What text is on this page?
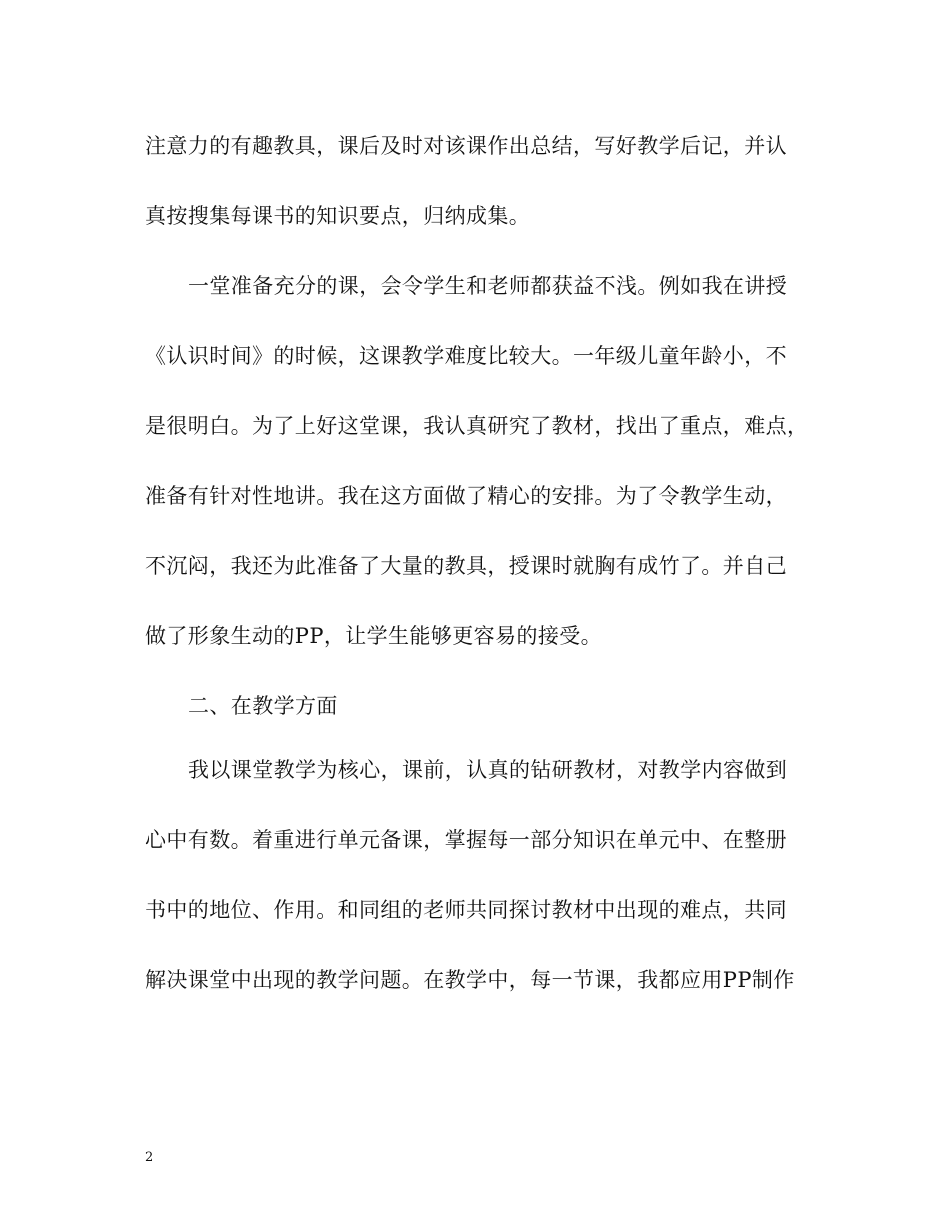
注意力的有趣教具，课后及时对该课作出总结，写好教学后记，并认
真按搜集每课书的知识要点，归纳成集。
一堂准备充分的课，会令学生和老师都获益不浅。例如我在讲授
《认识时间》的时候，这课教学难度比较大。一年级儿童年龄小，不
是很明白。为了上好这堂课，我认真研究了教材，找出了重点，难点，
准备有针对性地讲。我在这方面做了精心的安排。为了令教学生动，
不沉闷，我还为此准备了大量的教具，授课时就胸有成竹了。并自己
做了形象生动的PP，让学生能够更容易的接受。
二、在教学方面
我以课堂教学为核心，课前，认真的钻研教材，对教学内容做到
心中有数。着重进行单元备课，掌握每一部分知识在单元中、在整册
书中的地位、作用。和同组的老师共同探讨教材中出现的难点，共同
解决课堂中出现的教学问题。在教学中，每一节课，我都应用PP制作
2
